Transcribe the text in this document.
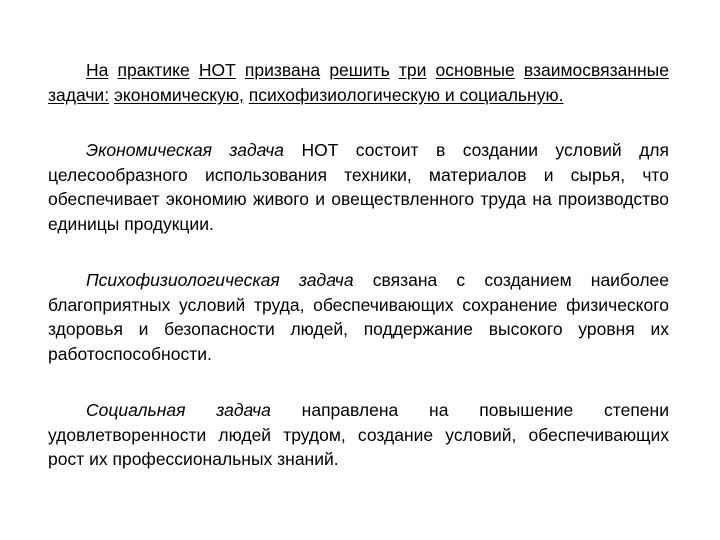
На практике НОТ призвана решить три основные взаимосвязанные задачи: экономическую, психофизиологическую и социальную.

Экономическая задача НОТ состоит в создании условий для целесообразного использования техники, материалов и сырья, что обеспечивает экономию живого и овеществленного труда на производство единицы продукции.

Психофизиологическая задача связана с созданием наиболее благоприятных условий труда, обеспечивающих сохранение физического здоровья и безопасности людей, поддержание высокого уровня их работоспособности.

Социальная задача направлена на повышение степени удовлетворенности людей трудом, создание условий, обеспечивающих рост их профессиональных знаний.
